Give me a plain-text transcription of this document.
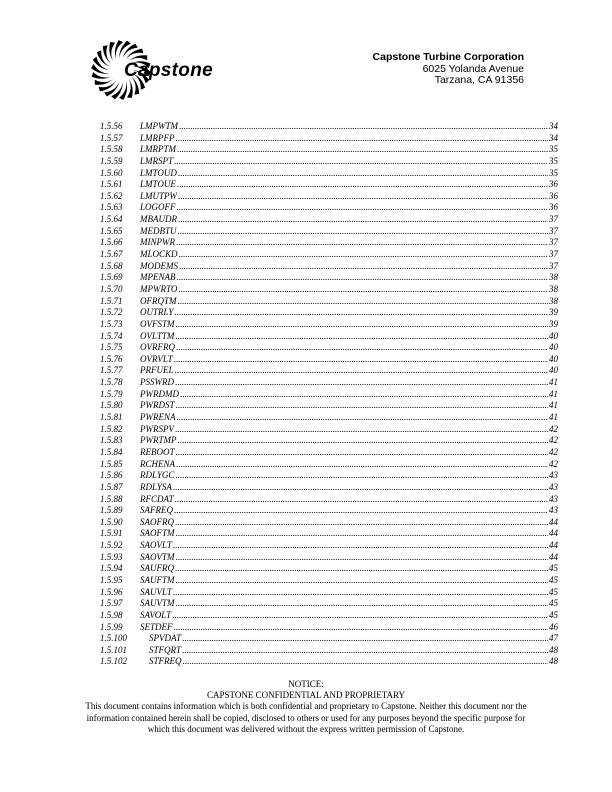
Capstone
Capstone Turbine Corporation
6025 Yolanda Avenue
Tarzana, CA 91356
1.5.56	LMPWTM .....	34
1.5.57	LMRPFP .....	34
1.5.58	LMRPTM .....	35
1.5.59	LMRSPT .....	35
1.5.60	LMTOUD .....	35
1.5.61	LMTOUE .....	36
1.5.62	LMUTPW .....	36
1.5.63	LOGOFF .....	36
1.5.64	MBAUDR .....	37
1.5.65	MEDBTU .....	37
1.5.66	MINPWR .....	37
1.5.67	MLOCKD .....	37
1.5.68	MODEMS .....	37
1.5.69	MPENAB .....	38
1.5.70	MPWRTO .....	38
1.5.71	OFRQTM .....	38
1.5.72	OUTRLY .....	39
1.5.73	OVFSTM .....	39
1.5.74	OVLTTM .....	40
1.5.75	OVRFRQ .....	40
1.5.76	OVRVLT .....	40
1.5.77	PRFUEL .....	40
1.5.78	PSSWRD .....	41
1.5.79	PWRDMD .....	41
1.5.80	PWRDST .....	41
1.5.81	PWRENA .....	41
1.5.82	PWRSPV .....	42
1.5.83	PWRTMP .....	42
1.5.84	REBOOT .....	42
1.5.85	RCHENA .....	42
1.5.86	RDLYGC .....	43
1.5.87	RDLYSA .....	43
1.5.88	RFCDAT .....	43
1.5.89	SAFREQ .....	43
1.5.90	SAOFRQ .....	44
1.5.91	SAOFTM .....	44
1.5.92	SAOVLT .....	44
1.5.93	SAOVTM .....	44
1.5.94	SAUFRQ .....	45
1.5.95	SAUFTM .....	45
1.5.96	SAUVLT .....	45
1.5.97	SAUVTM .....	45
1.5.98	SAVOLT .....	45
1.5.99	SETDEF .....	46
1.5.100	SPVDAT .....	47
1.5.101	STFQRT .....	48
1.5.102	STFREQ .....	48
NOTICE:
CAPSTONE CONFIDENTIAL AND PROPRIETARY
This document contains information which is both confidential and proprietary to Capstone. Neither this document nor the information contained herein shall be copied, disclosed to others or used for any purposes beyond the specific purpose for which this document was delivered without the express written permission of Capstone.
